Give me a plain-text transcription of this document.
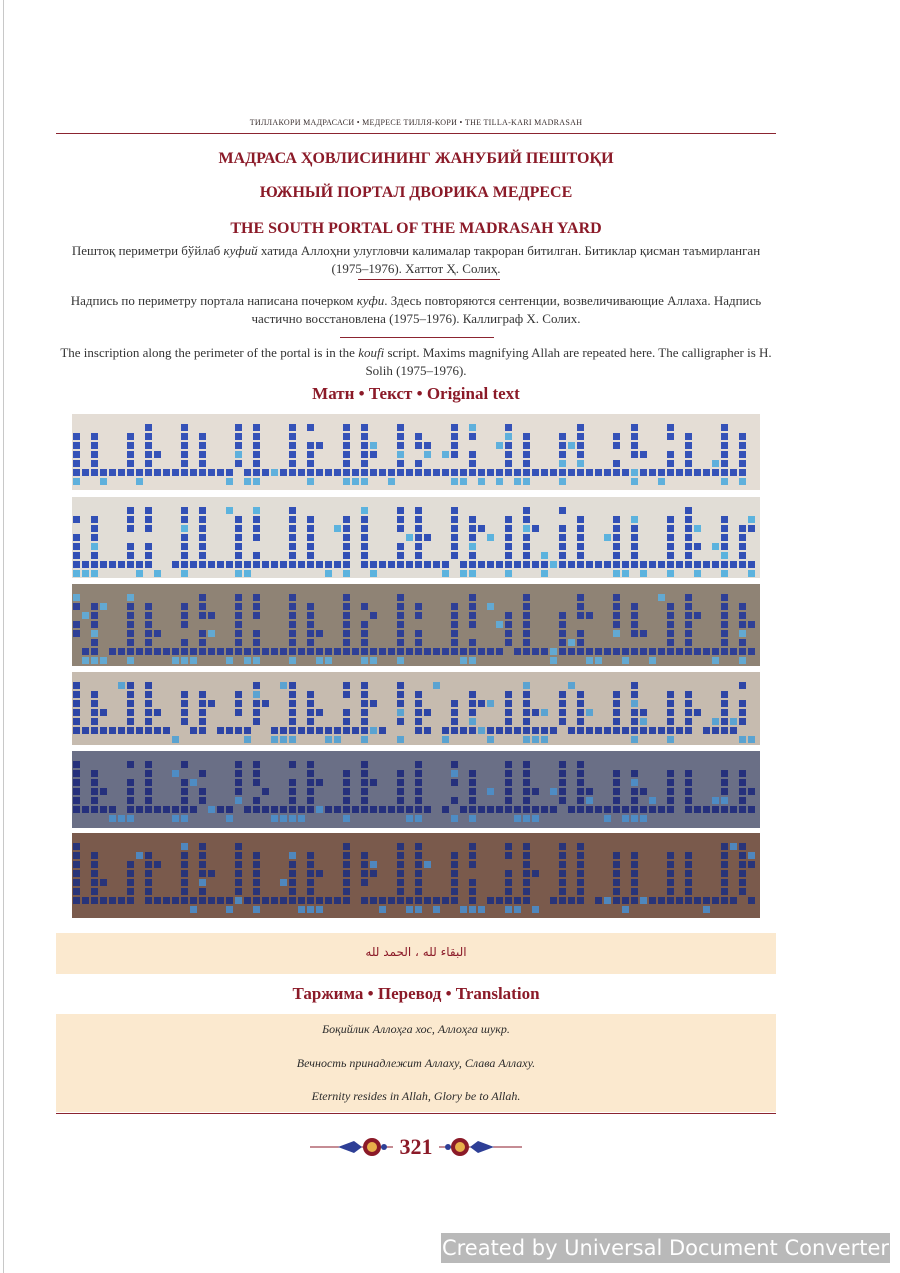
ТИЛЛАКОРИ МАДРАСАСИ • МЕДРЕСЕ ТИЛЛЯ-КОРИ • THE TILLA-KARI MADRASAH
МАДРАСА ҲОВЛИСИНИНГ ЖАНУБИЙ ПЕШТОҚИ
ЮЖНЫЙ ПОРТАЛ ДВОРИКА МЕДРЕСЕ
THE SOUTH PORTAL OF THE MADRASAH YARD
Пештоқ периметри бўйлаб куфий хатида Аллоҳни улугловчи калималар такроран битилган. Битиклар қисман таъмирланган (1975–1976). Хаттот Ҳ. Солиҳ.
Надпись по периметру портала написана почерком куфи. Здесь повторяются сентенции, возвеличивающие Аллаха. Надпись частично восстановлена (1975–1976). Каллиграф Х. Солих.
The inscription along the perimeter of the portal is in the koufi script. Maxims magnifying Allah are repeated here. The calligrapher is H. Solih (1975–1976).
Матн • Текст • Original text
البقاء لله ، الحمد لله
Таржима • Перевод • Translation
Боқийлик Аллоҳга хос, Аллоҳга шукр.
Вечность принадлежит Аллаху, Слава Аллаху.
Eternity resides in Allah, Glory be to Allah.
321
Created by Universal Document Converter
